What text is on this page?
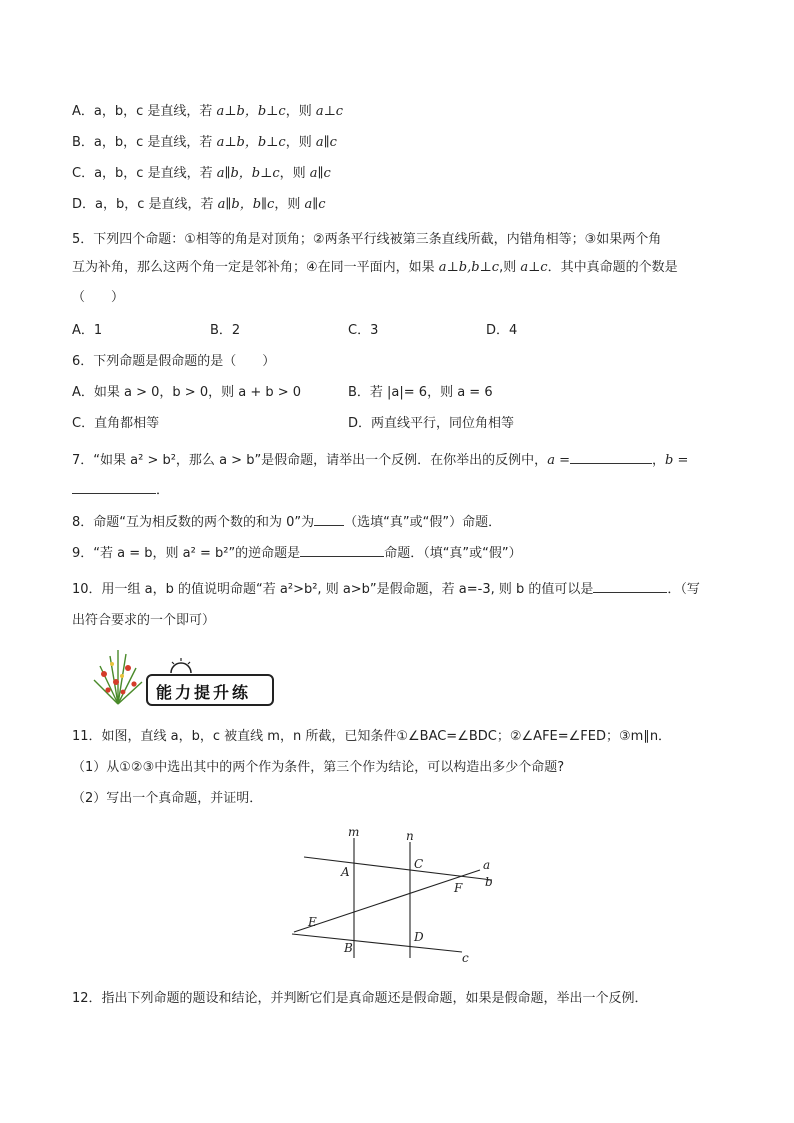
A．a，b，c 是直线，若 a⊥b，b⊥c，则 a⊥c
B．a，b，c 是直线，若 a⊥b，b⊥c，则 a∥c
C．a，b，c 是直线，若 a∥b，b⊥c，则 a∥c
D．a，b，c 是直线，若 a∥b，b∥c，则 a∥c
5．下列四个命题：①相等的角是对顶角；②两条平行线被第三条直线所截，内错角相等；③如果两个角
互为补角，那么这两个角一定是邻补角；④在同一平面内，如果 a⊥b,b⊥c,则 a⊥c．其中真命题的个数是
（　　）
A．1	B．2	C．3	D．4
6．下列命题是假命题的是（　　）
A．如果 a > 0，b > 0，则 a + b > 0	B．若 |a|= 6，则 a = 6
C．直角都相等	D．两直线平行，同位角相等
7．“如果 a² > b²，那么 a > b”是假命题，请举出一个反例．在你举出的反例中，a =	，b =
．
8．命题“互为相反数的两个数的和为 0”为 （选填“真”或“假”）命题．
9．“若 a = b，则 a² = b²”的逆命题是	命题．（填“真”或“假”）
10．用一组 a，b 的值说明命题“若 a²>b², 则 a>b”是假命题，若 a=-3, 则 b 的值可以是	．（写
出符合要求的一个即可）
能力提升练
11．如图，直线 a，b，c 被直线 m，n 所截，已知条件①∠BAC=∠BDC；②∠AFE=∠FED；③m∥n．
（1）从①②③中选出其中的两个作为条件，第三个作为结论，可以构造出多少个命题?
（2）写出一个真命题，并证明．
m	n
a
b
c
A
B
C
D
E
F
12．指出下列命题的题设和结论，并判断它们是真命题还是假命题，如果是假命题，举出一个反例．
